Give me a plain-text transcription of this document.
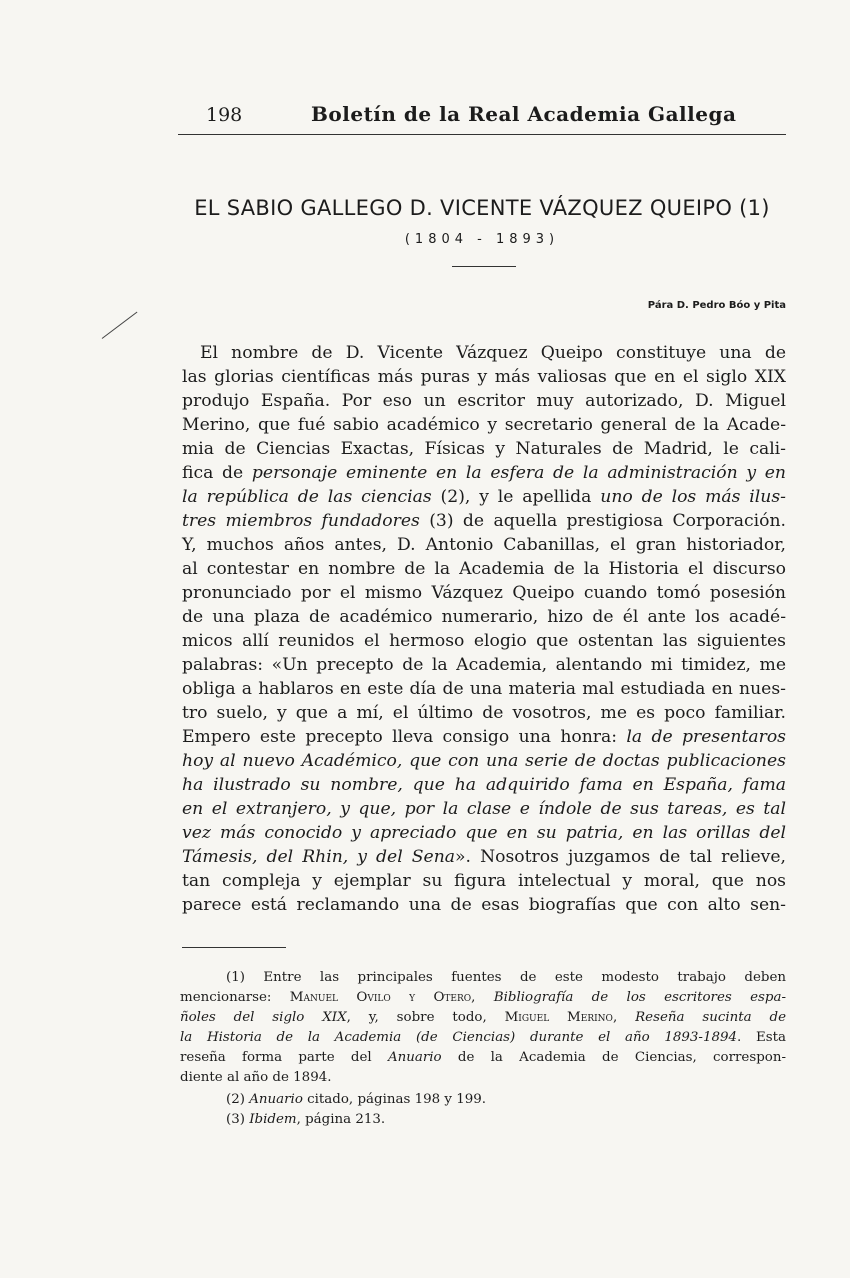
198	Boletín de la Real Academia Gallega
EL SABIO GALLEGO D. VICENTE VÁZQUEZ QUEIPO (1)
(1804 - 1893)
Pára D. Pedro Bóo y Pita
El nombre de D. Vicente Vázquez Queipo constituye una de
las glorias científicas más puras y más valiosas que en el siglo XIX
produjo España. Por eso un escritor muy autorizado, D. Miguel
Merino, que fué sabio académico y secretario general de la Acade-
mia de Ciencias Exactas, Físicas y Naturales de Madrid, le cali-
fica de personaje eminente en la esfera de la administración y en
la república de las ciencias (2), y le apellida uno de los más ilus-
tres miembros fundadores (3) de aquella prestigiosa Corporación.
Y, muchos años antes, D. Antonio Cabanillas, el gran historiador,
al contestar en nombre de la Academia de la Historia el discurso
pronunciado por el mismo Vázquez Queipo cuando tomó posesión
de una plaza de académico numerario, hizo de él ante los acadé-
micos allí reunidos el hermoso elogio que ostentan las siguientes
palabras: «Un precepto de la Academia, alentando mi timidez, me
obliga a hablaros en este día de una materia mal estudiada en nues-
tro suelo, y que a mí, el último de vosotros, me es poco familiar.
Empero este precepto lleva consigo una honra: la de presentaros
hoy al nuevo Académico, que con una serie de doctas publicaciones
ha ilustrado su nombre, que ha adquirido fama en España, fama
en el extranjero, y que, por la clase e índole de sus tareas, es tal
vez más conocido y apreciado que en su patria, en las orillas del
Támesis, del Rhin, y del Sena». Nosotros juzgamos de tal relieve,
tan compleja y ejemplar su figura intelectual y moral, que nos
parece está reclamando una de esas biografías que con alto sen-
(1) Entre las principales fuentes de este modesto trabajo deben
mencionarse: Manuel Ovilo y Otero, Bibliografía de los escritores espa-
ñoles del siglo XIX, y, sobre todo, Miguel Merino, Reseña sucinta de
la Historia de la Academia (de Ciencias) durante el año 1893-1894. Esta
reseña forma parte del Anuario de la Academia de Ciencias, correspon-
diente al año de 1894.
(2) Anuario citado, páginas 198 y 199.
(3) Ibidem, página 213.
